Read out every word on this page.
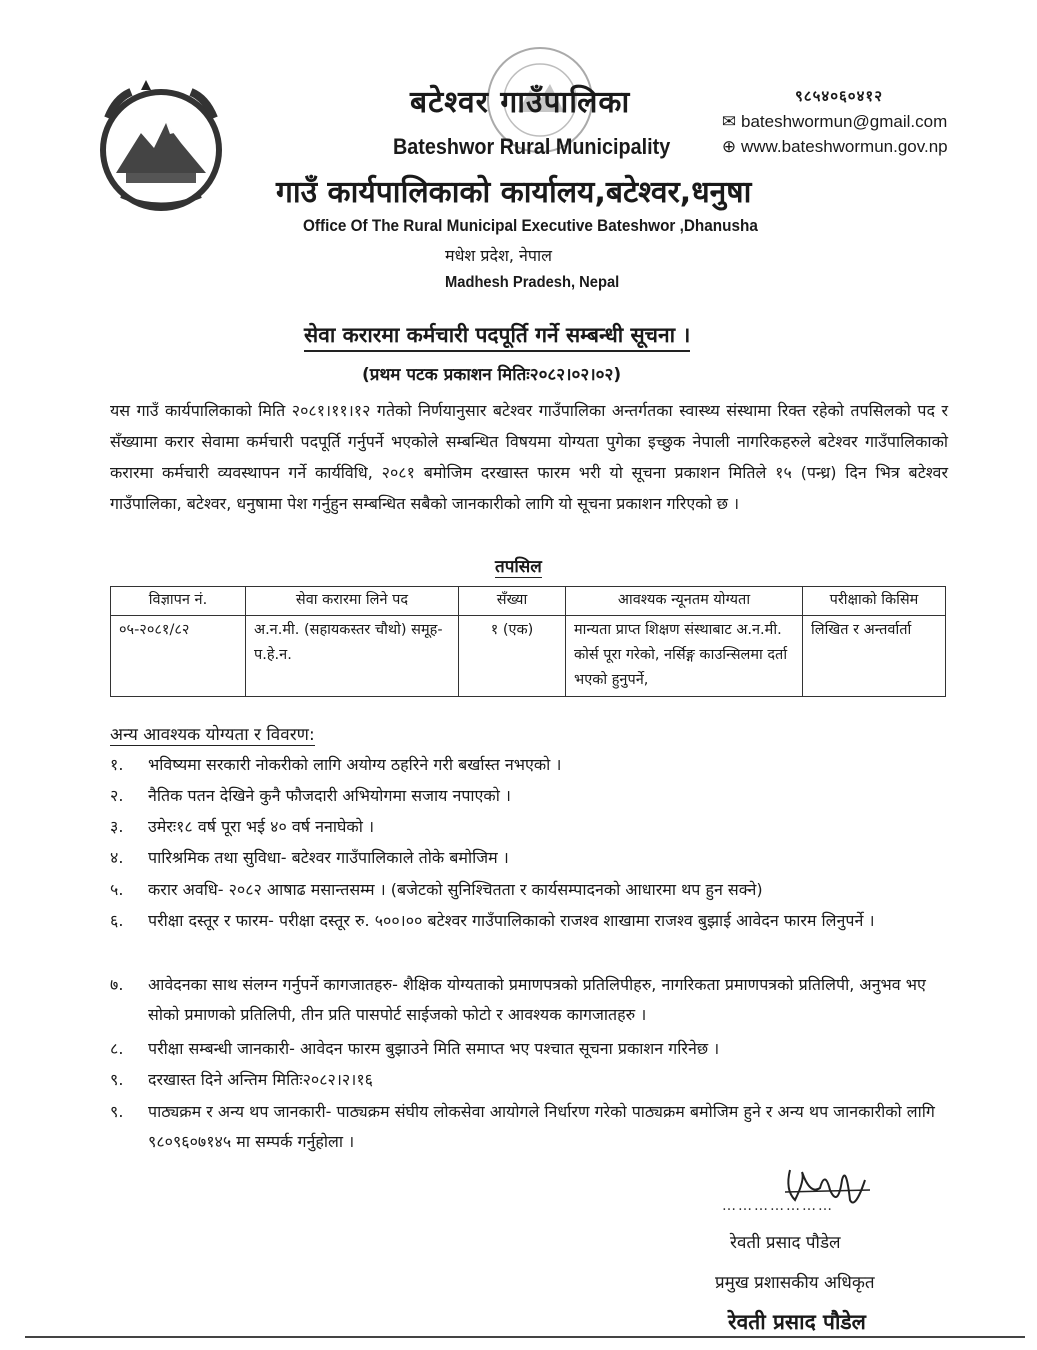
बटेश्वर गाउँपालिका
Bateshwor Rural Municipality
गाउँ कार्यपालिकाको कार्यालय,बटेश्वर,धनुषा
Office Of The Rural Municipal Executive Bateshwor ,Dhanusha
मधेश प्रदेश, नेपाल
Madhesh Pradesh, Nepal
९८५४०६०४१२
✉ bateshwormun@gmail.com
⊕ www.bateshwormun.gov.np
सेवा करारमा कर्मचारी पदपूर्ति गर्ने सम्बन्धी सूचना ।
(प्रथम पटक प्रकाशन मितिः२०८२।०२।०२)
यस गाउँ कार्यपालिकाको मिति २०८१।११।१२ गतेको निर्णयानुसार बटेश्वर गाउँपालिका अन्तर्गतका स्वास्थ्य संस्थामा रिक्त रहेको तपसिलको पद र सँख्यामा करार सेवामा कर्मचारी पदपूर्ति गर्नुपर्ने भएकोले सम्बन्धित विषयमा योग्यता पुगेका इच्छुक नेपाली नागरिकहरुले बटेश्वर गाउँपालिकाको करारमा कर्मचारी व्यवस्थापन गर्ने कार्यविधि, २०८१ बमोजिम दरखास्त फारम भरी यो सूचना प्रकाशन मितिले १५ (पन्ध्र) दिन भित्र बटेश्वर गाउँपालिका, बटेश्वर, धनुषामा पेश गर्नुहुन सम्बन्धित सबैको जानकारीको लागि यो सूचना प्रकाशन गरिएको छ ।
तपसिल
विज्ञापन नं.	सेवा करारमा लिने पद	सँख्या	आवश्यक न्यूनतम योग्यता	परीक्षाको किसिम
०५-२०८१/८२	अ.न.मी. (सहायकस्तर चौथो) समूह-प.हे.न.	१ (एक)	मान्यता प्राप्त शिक्षण संस्थाबाट अ.न.मी. कोर्स पूरा गरेको, नर्सिङ्ग काउन्सिलमा दर्ता भएको हुनुपर्ने,	लिखित र अन्तर्वार्ता
अन्य आवश्यक योग्यता र विवरण:
१. भविष्यमा सरकारी नोकरीको लागि अयोग्य ठहरिने गरी बर्खास्त नभएको ।
२. नैतिक पतन देखिने कुनै फौजदारी अभियोगमा सजाय नपाएको ।
३. उमेरः१८ वर्ष पूरा भई ४० वर्ष ननाघेको ।
४. पारिश्रमिक तथा सुविधा- बटेश्वर गाउँपालिकाले तोके बमोजिम ।
५. करार अवधि- २०८२ आषाढ मसान्तसम्म । (बजेटको सुनिश्चितता र कार्यसम्पादनको आधारमा थप हुन सक्ने)
६. परीक्षा दस्तूर र फारम- परीक्षा दस्तूर रु. ५००।०० बटेश्वर गाउँपालिकाको राजश्व शाखामा राजश्व बुझाई आवेदन फारम लिनुपर्ने ।
७. आवेदनका साथ संलग्न गर्नुपर्ने कागजातहरु- शैक्षिक योग्यताको प्रमाणपत्रको प्रतिलिपीहरु, नागरिकता प्रमाणपत्रको प्रतिलिपी, अनुभव भए सोको प्रमाणको प्रतिलिपी, तीन प्रति पासपोर्ट साईजको फोटो र आवश्यक कागजातहरु ।
८. परीक्षा सम्बन्धी जानकारी- आवेदन फारम बुझाउने मिति समाप्त भए पश्चात सूचना प्रकाशन गरिनेछ ।
९. दरखास्त दिने अन्तिम मितिः२०८२।२।१६
९. पाठ्यक्रम र अन्य थप जानकारी- पाठ्यक्रम संघीय लोकसेवा आयोगले निर्धारण गरेको पाठ्यक्रम बमोजिम हुने र अन्य थप जानकारीको लागि ९८०९६०७१४५ मा सम्पर्क गर्नुहोला ।
…………………
रेवती प्रसाद पौडेल
प्रमुख प्रशासकीय अधिकृत
रेवती प्रसाद पौडेल
